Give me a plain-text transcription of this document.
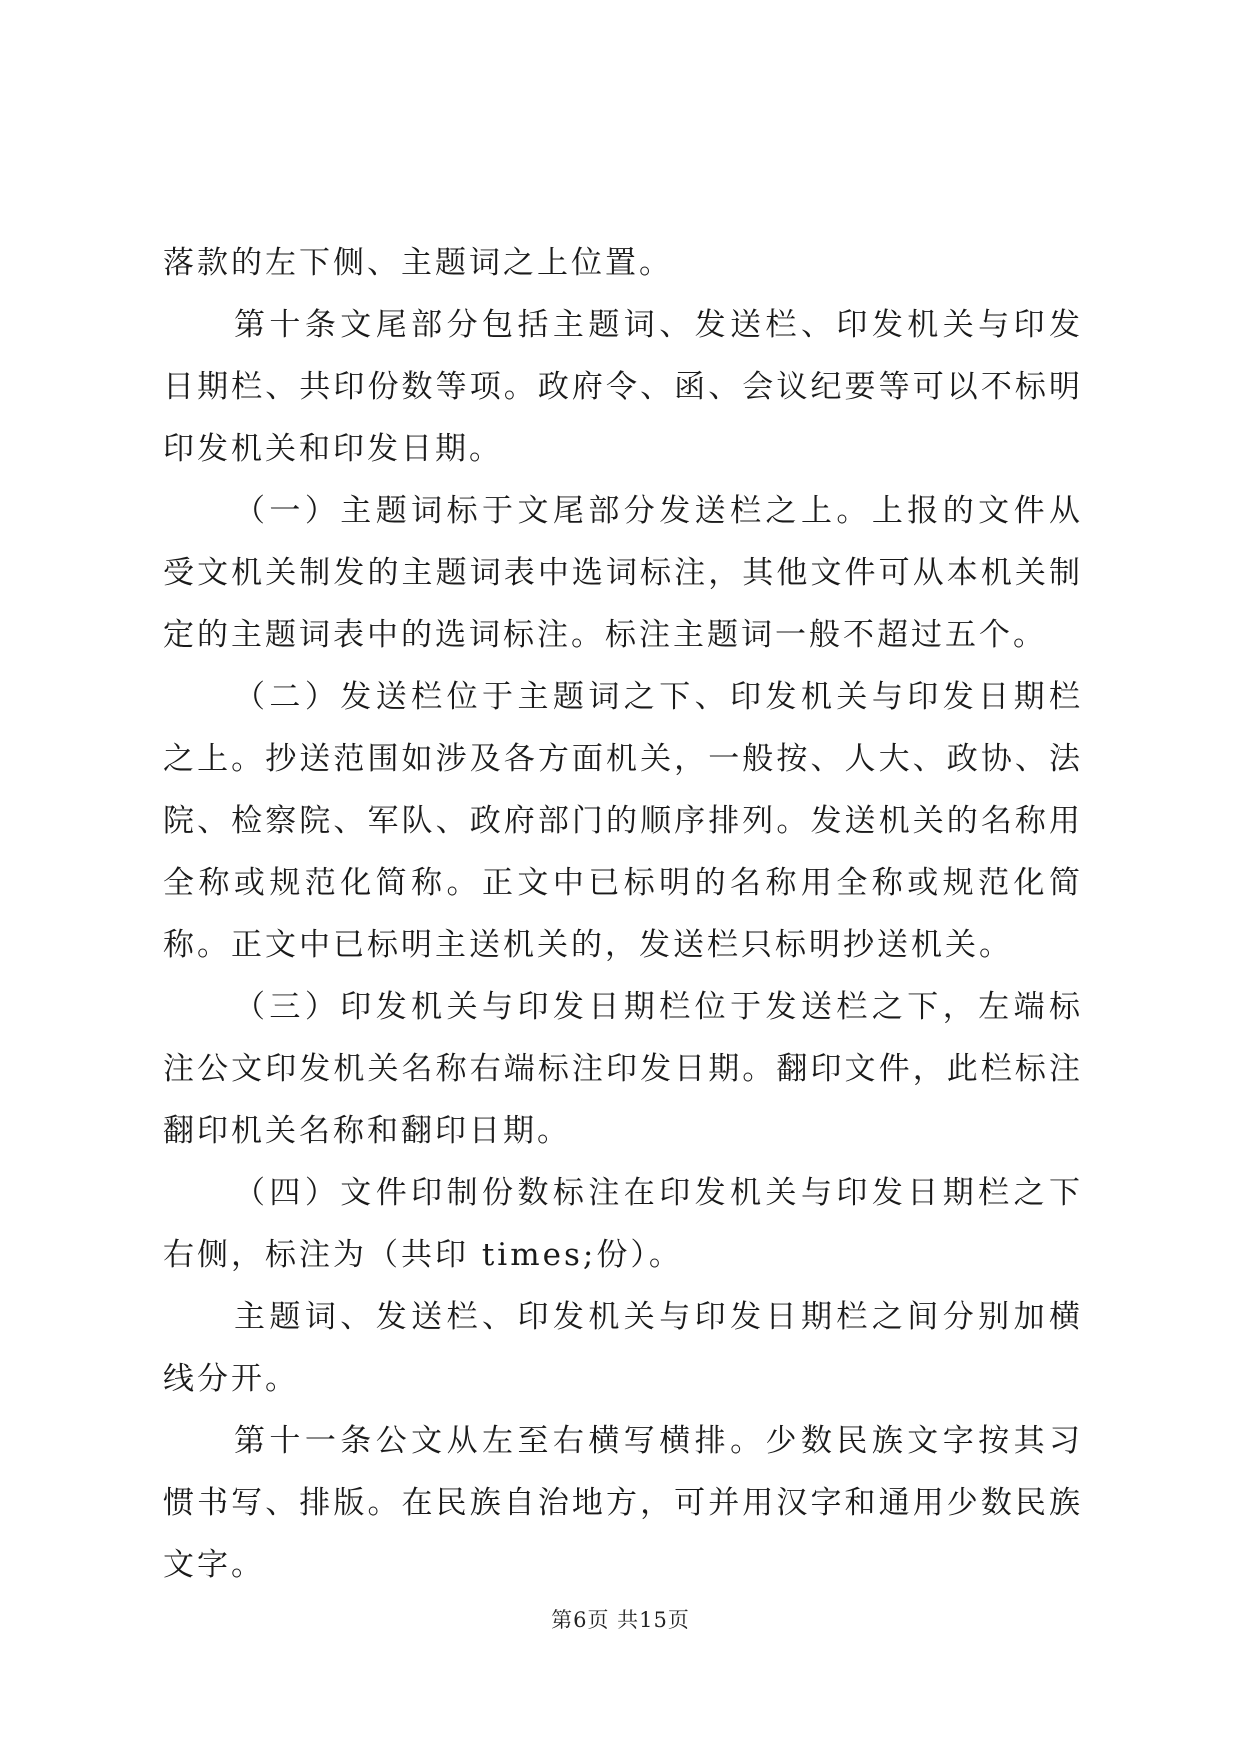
落款的左下侧、主题词之上位置。

第十条文尾部分包括主题词、发送栏、印发机关与印发日期栏、共印份数等项。政府令、函、会议纪要等可以不标明印发机关和印发日期。

（一）主题词标于文尾部分发送栏之上。上报的文件从受文机关制发的主题词表中选词标注，其他文件可从本机关制定的主题词表中的选词标注。标注主题词一般不超过五个。

（二）发送栏位于主题词之下、印发机关与印发日期栏之上。抄送范围如涉及各方面机关，一般按、人大、政协、法院、检察院、军队、政府部门的顺序排列。发送机关的名称用全称或规范化简称。正文中已标明的名称用全称或规范化简称。正文中已标明主送机关的，发送栏只标明抄送机关。

（三）印发机关与印发日期栏位于发送栏之下，左端标注公文印发机关名称右端标注印发日期。翻印文件，此栏标注翻印机关名称和翻印日期。

（四）文件印制份数标注在印发机关与印发日期栏之下右侧，标注为（共印 times;份）。

主题词、发送栏、印发机关与印发日期栏之间分别加横线分开。

第十一条公文从左至右横写横排。少数民族文字按其习惯书写、排版。在民族自治地方，可并用汉字和通用少数民族文字。

第6页 共15页
